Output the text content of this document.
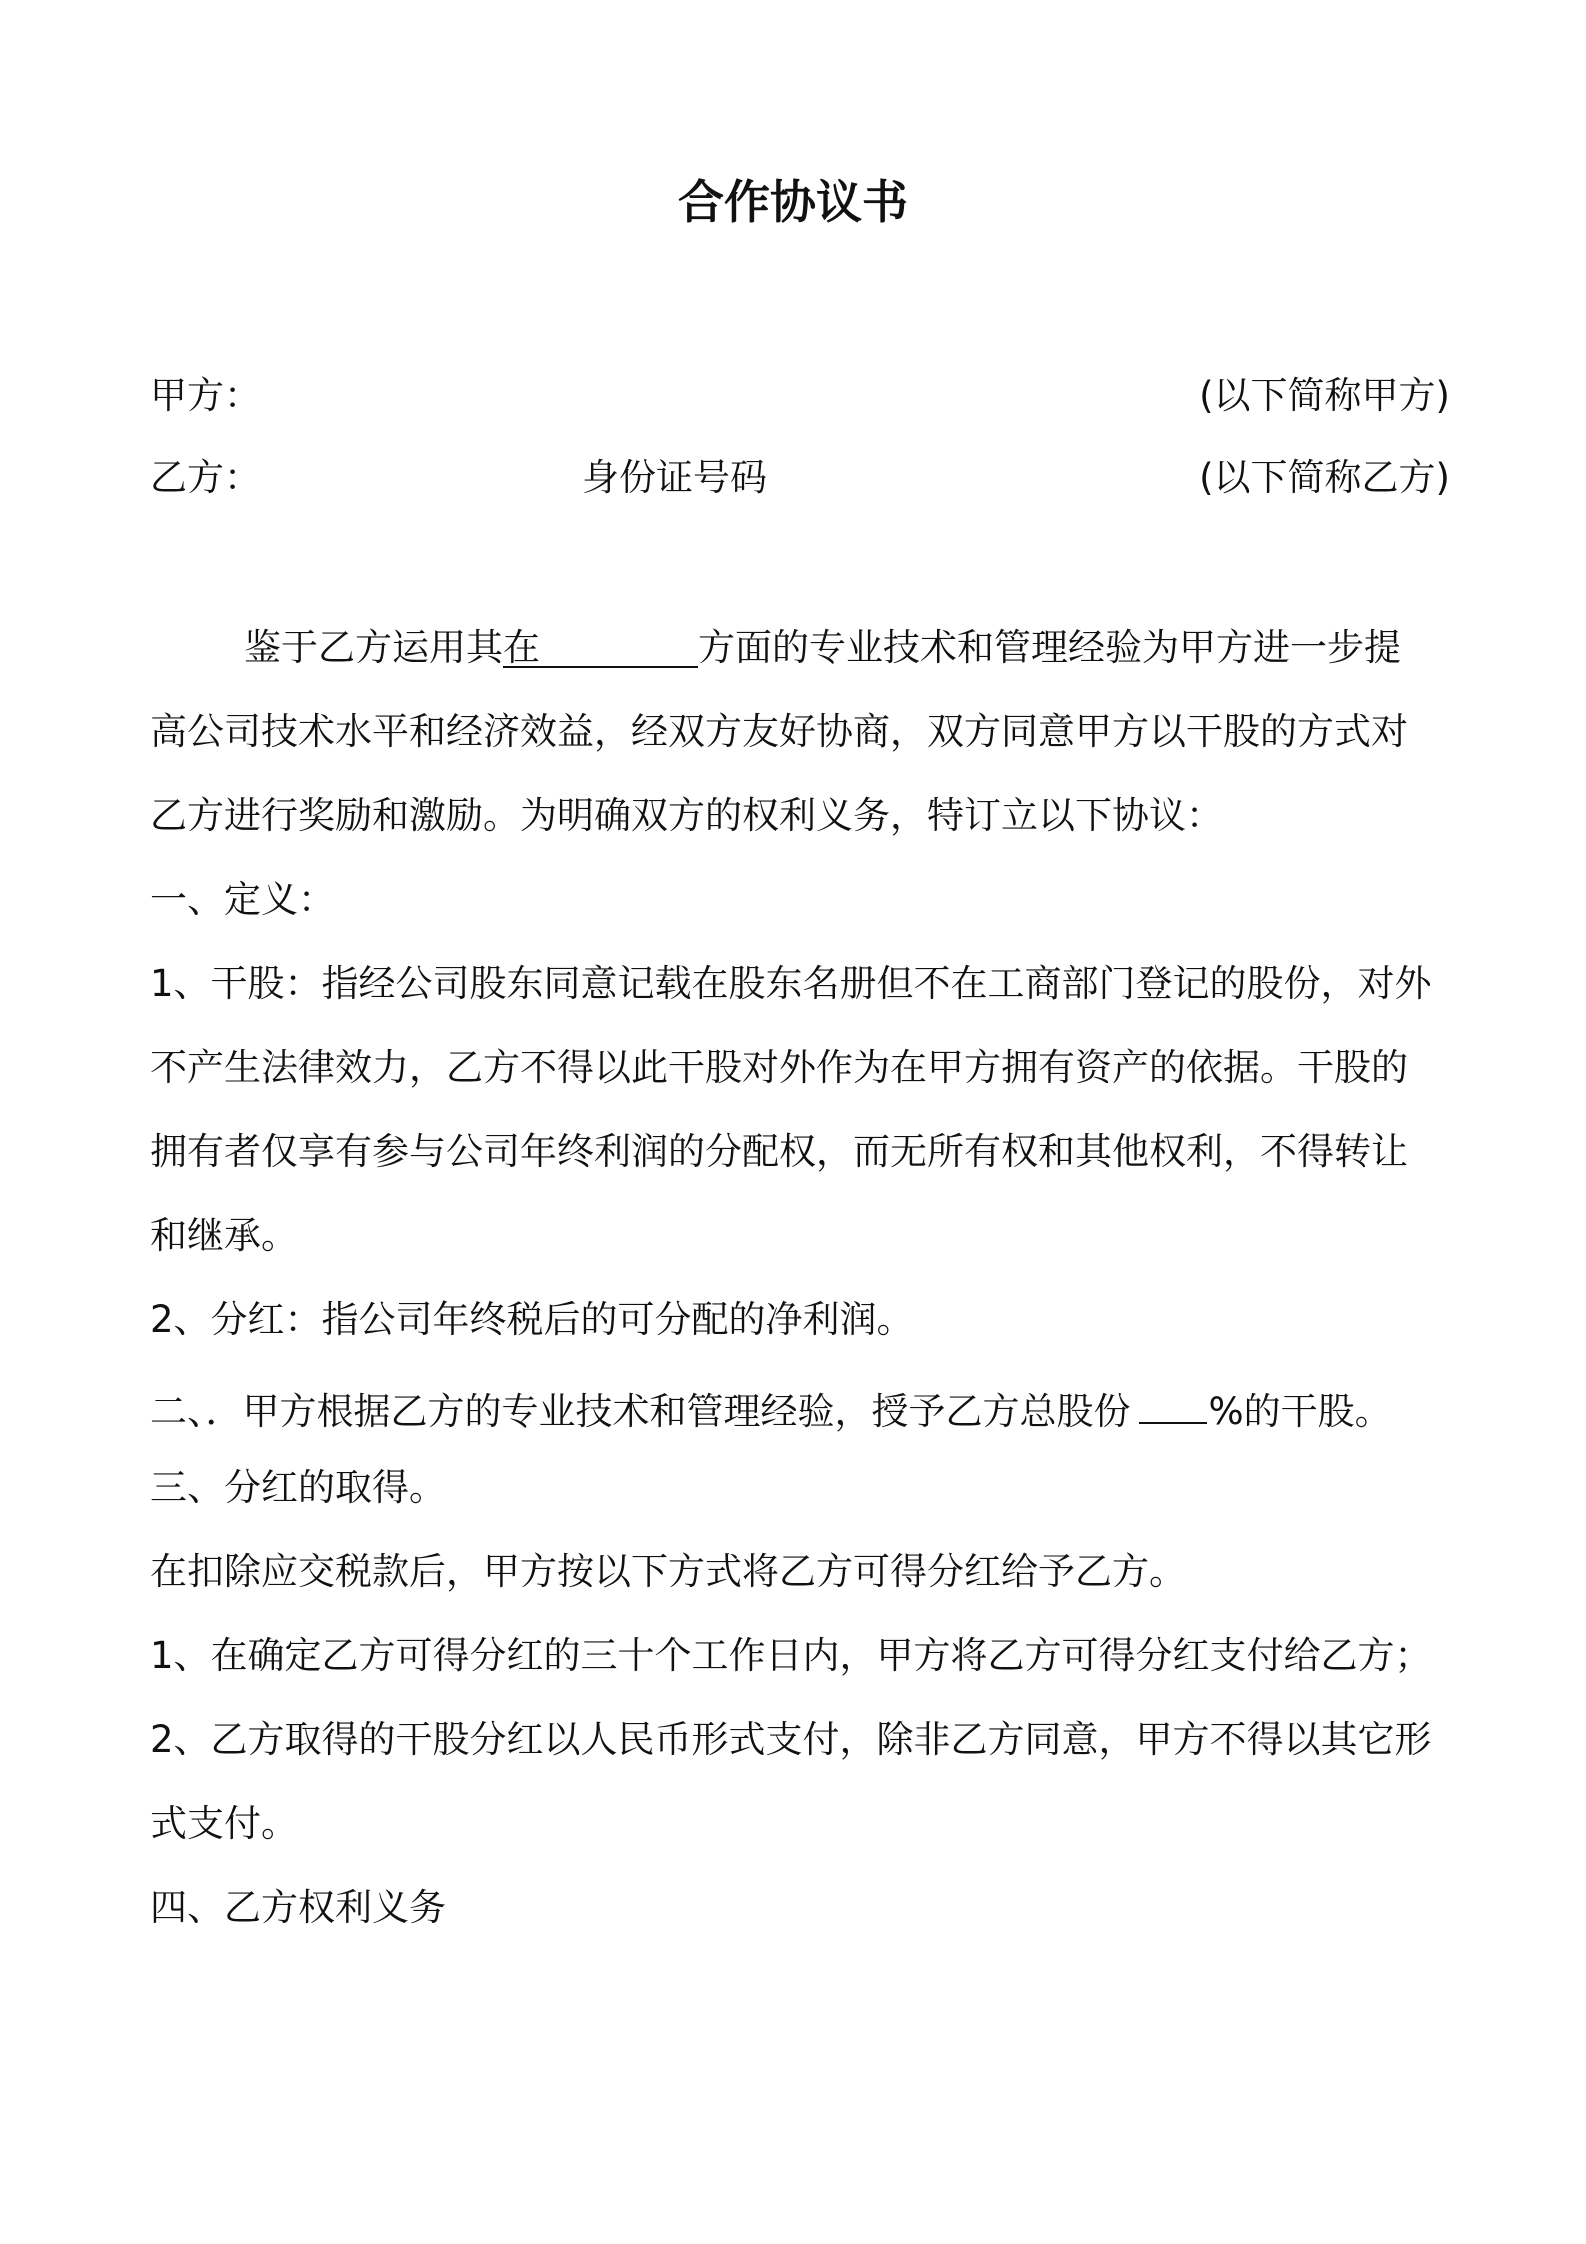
合作协议书
甲方：	(以下简称甲方)
乙方：	身份证号码	(以下简称乙方)
鉴于乙方运用其在	方面的专业技术和管理经验为甲方进一步提
高公司技术水平和经济效益，经双方友好协商，双方同意甲方以干股的方式对
乙方进行奖励和激励。为明确双方的权利义务，特订立以下协议：
一、定义：
1、干股：指经公司股东同意记载在股东名册但不在工商部门登记的股份，对外
不产生法律效力，乙方不得以此干股对外作为在甲方拥有资产的依据。干股的
拥有者仅享有参与公司年终利润的分配权，而无所有权和其他权利，不得转让
和继承。
2、分红：指公司年终税后的可分配的净利润。
二、．甲方根据乙方的专业技术和管理经验，授予乙方总股份 %的干股。
三、分红的取得。
在扣除应交税款后，甲方按以下方式将乙方可得分红给予乙方。
1、在确定乙方可得分红的三十个工作日内，甲方将乙方可得分红支付给乙方；
2、乙方取得的干股分红以人民币形式支付，除非乙方同意，甲方不得以其它形
式支付。
四、乙方权利义务
